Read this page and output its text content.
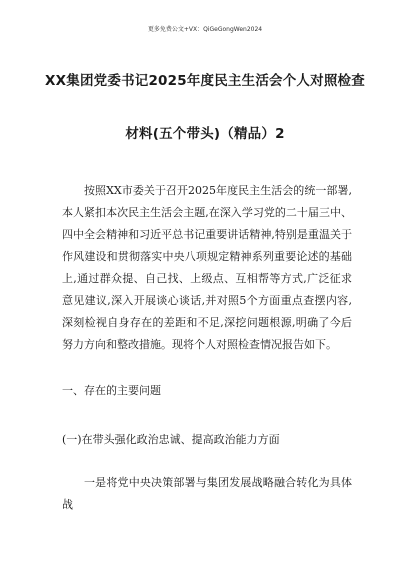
更多免费公文+VX：QiGeGongWen2024
XX集团党委书记2025年度民主生活会个人对照检查
材料(五个带头)（精品）2

按照XX市委关于召开2025年度民主生活会的统一部署,本人紧扣本次民主生活会主题,在深入学习党的二十届三中、四中全会精神和习近平总书记重要讲话精神,特别是重温关于作风建设和贯彻落实中央八项规定精神系列重要论述的基础上,通过群众提、自己找、上级点、互相帮等方式,广泛征求意见建议,深入开展谈心谈话,并对照5个方面重点查摆内容,深刻检视自身存在的差距和不足,深挖问题根源,明确了今后努力方向和整改措施。现将个人对照检查情况报告如下。

一、存在的主要问题
(一)在带头强化政治忠诚、提高政治能力方面

一是将党中央决策部署与集团发展战略融合转化为具体战
